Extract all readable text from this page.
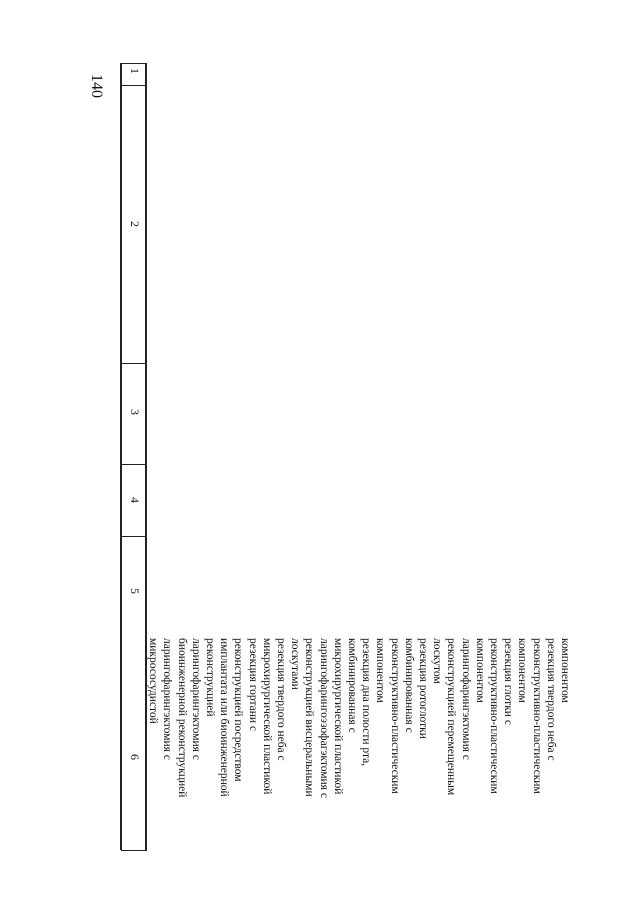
140
1
2
3
4
5
6
компонентом
резекция твердого неба с
реконструктивно-пластическим
компонентом
резекция глотки с
реконструктивно-пластическим
компонентом
ларингофарингэктомия с
реконструкцией перемещенным
лоскутом
резекция ротоглотки
комбинированная с
реконструктивно-пластическим
компонентом
резекция дна полости рта,
комбинированная с
микрохирургической пластикой
ларингофарингоэзофагэктомия с
реконструкцией висцеральными
лоскутами
резекция твердого неба с
микрохирургической пластикой
резекция гортани с
реконструкцией посредством
имплантата или биоинженерной
реконструкцией
ларингофарингэктомия с
биоинженерной реконструкцией
ларингофарингэктомия с
микрососудистой
